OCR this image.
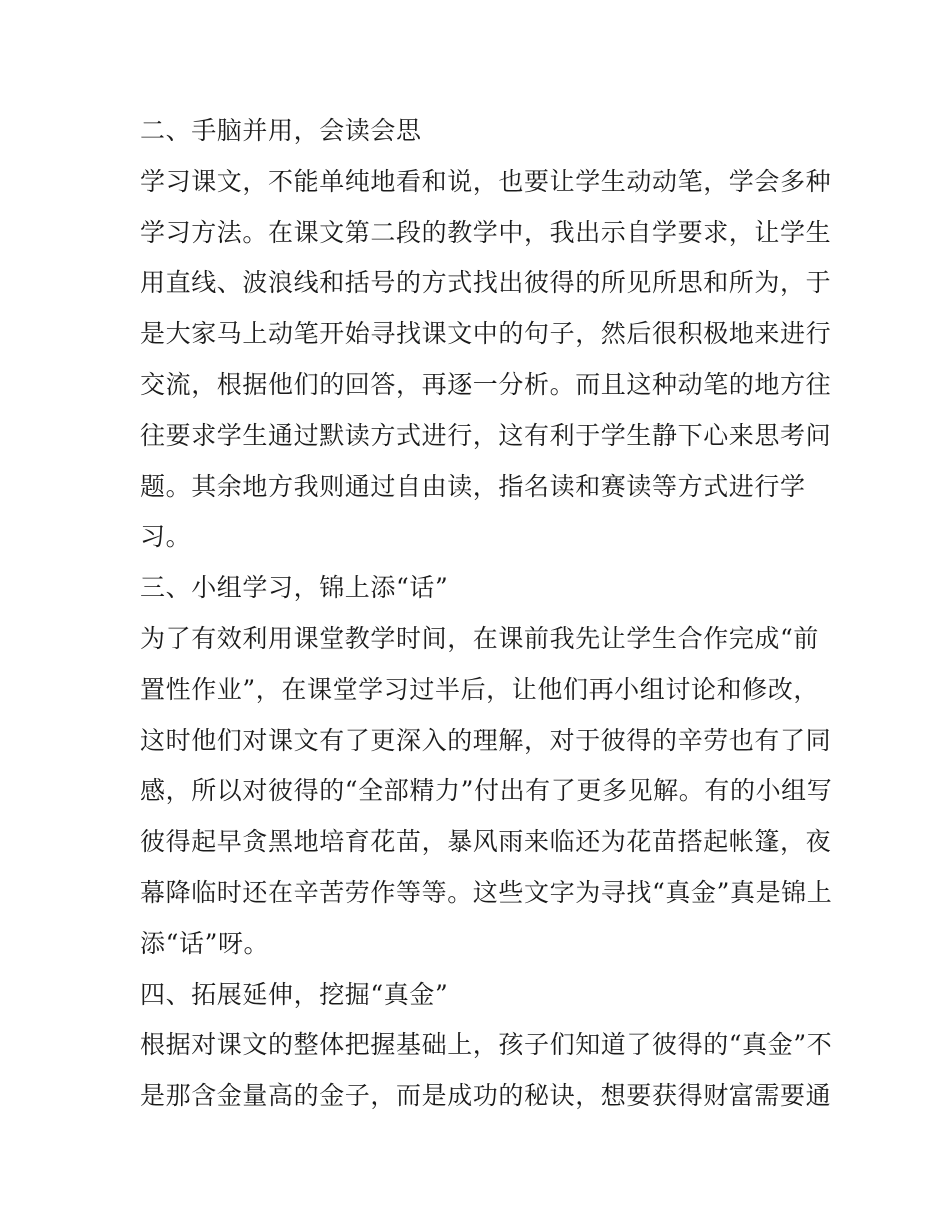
二、手脑并用，会读会思
学习课文，不能单纯地看和说，也要让学生动动笔，学会多种
学习方法。在课文第二段的教学中，我出示自学要求，让学生
用直线、波浪线和括号的方式找出彼得的所见所思和所为，于
是大家马上动笔开始寻找课文中的句子，然后很积极地来进行
交流，根据他们的回答，再逐一分析。而且这种动笔的地方往
往要求学生通过默读方式进行，这有利于学生静下心来思考问
题。其余地方我则通过自由读，指名读和赛读等方式进行学
习。
三、小组学习，锦上添“话”
为了有效利用课堂教学时间，在课前我先让学生合作完成“前
置性作业”，在课堂学习过半后，让他们再小组讨论和修改，
这时他们对课文有了更深入的理解，对于彼得的辛劳也有了同
感，所以对彼得的“全部精力”付出有了更多见解。有的小组写
彼得起早贪黑地培育花苗，暴风雨来临还为花苗搭起帐篷，夜
幕降临时还在辛苦劳作等等。这些文字为寻找“真金”真是锦上
添“话”呀。
四、拓展延伸，挖掘“真金”
根据对课文的整体把握基础上，孩子们知道了彼得的“真金”不
是那含金量高的金子，而是成功的秘诀，想要获得财富需要通
